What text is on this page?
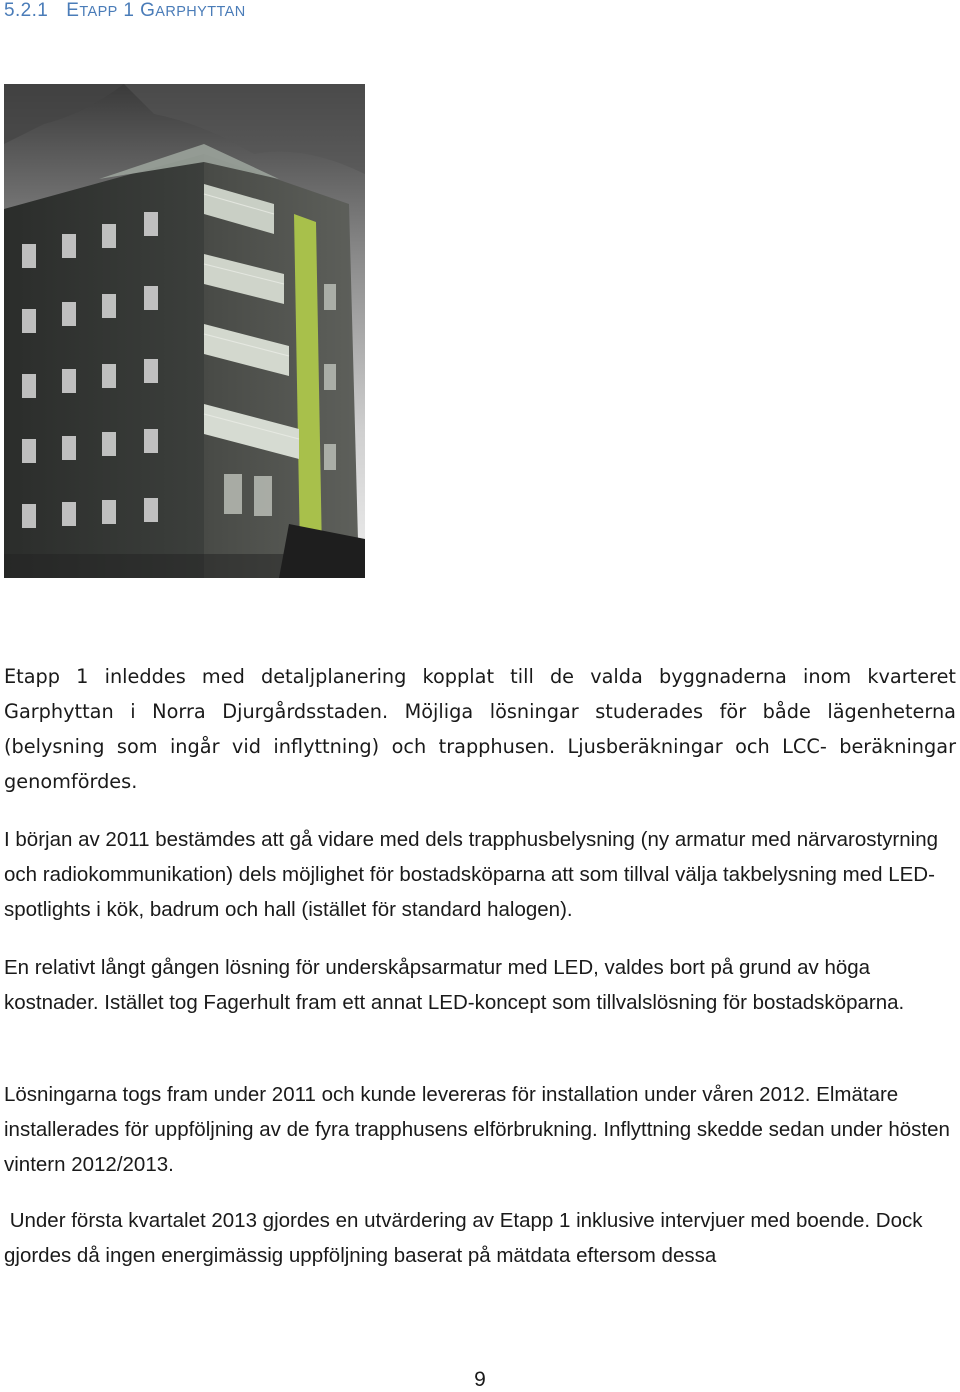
5.2.1 ETAPP 1 GARPHYTTAN

Etapp 1 inleddes med detaljplanering kopplat till de valda byggnaderna inom kvarteret Garphyttan i Norra Djurgårdsstaden. Möjliga lösningar studerades för både lägenheterna (belysning som ingår vid inflyttning) och trapphusen. Ljusberäkningar och LCC- beräkningar genomfördes.

I början av 2011 bestämdes att gå vidare med dels trapphusbelysning (ny armatur med närvarostyrning och radiokommunikation) dels möjlighet för bostadsköparna att som tillval välja takbelysning med LED-spotlights i kök, badrum och hall (istället för standard halogen).

En relativt långt gången lösning för underskåpsarmatur med LED, valdes bort på grund av höga kostnader. Istället tog Fagerhult fram ett annat LED-koncept som tillvalslösning för bostadsköparna.

Lösningarna togs fram under 2011 och kunde levereras för installation under våren 2012. Elmätare installerades för uppföljning av de fyra trapphusens elförbrukning. Inflyttning skedde sedan under hösten vintern 2012/2013.

Under första kvartalet 2013 gjordes en utvärdering av Etapp 1 inklusive intervjuer med boende. Dock gjordes då ingen energimässig uppföljning baserat på mätdata eftersom dessa

9
